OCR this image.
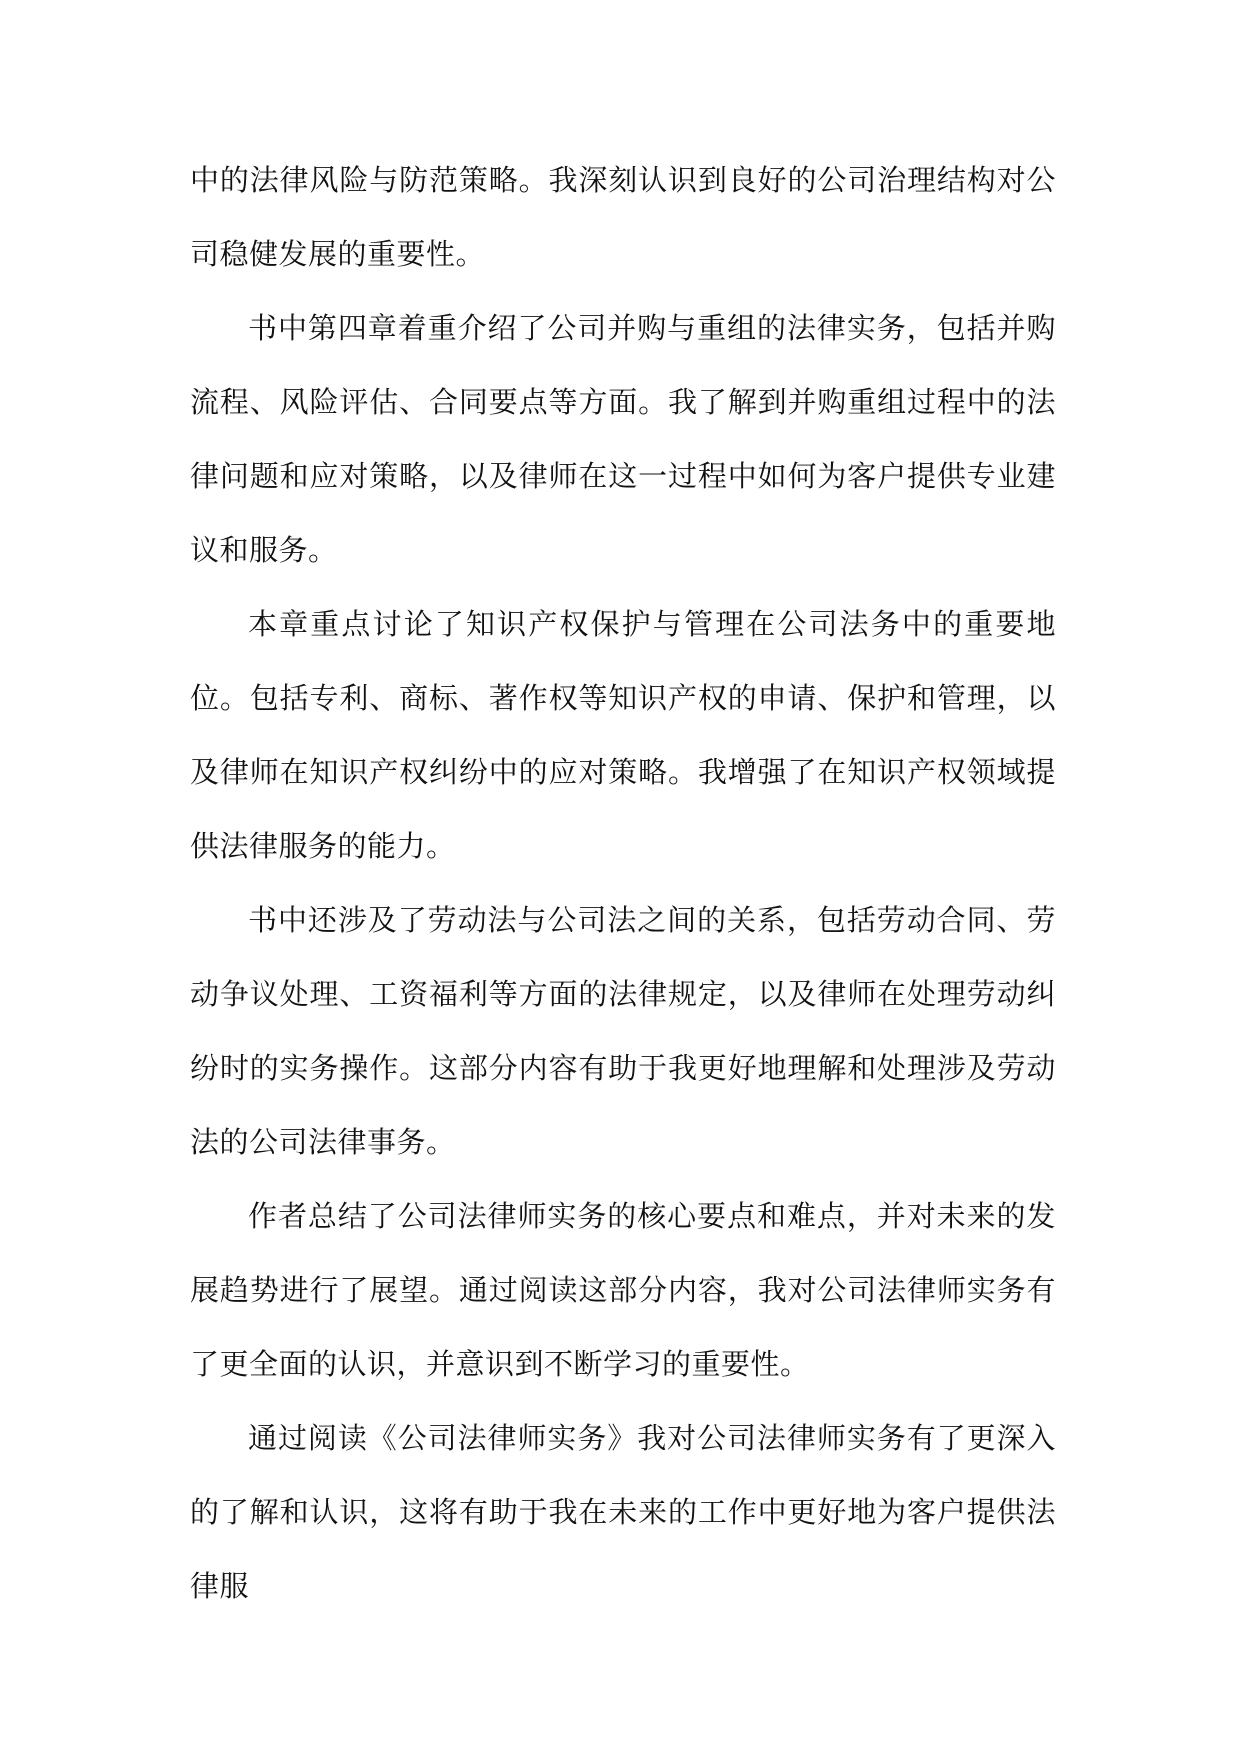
中的法律风险与防范策略。我深刻认识到良好的公司治理结构对公司稳健发展的重要性。

书中第四章着重介绍了公司并购与重组的法律实务，包括并购流程、风险评估、合同要点等方面。我了解到并购重组过程中的法律问题和应对策略，以及律师在这一过程中如何为客户提供专业建议和服务。

本章重点讨论了知识产权保护与管理在公司法务中的重要地位。包括专利、商标、著作权等知识产权的申请、保护和管理，以及律师在知识产权纠纷中的应对策略。我增强了在知识产权领域提供法律服务的能力。

书中还涉及了劳动法与公司法之间的关系，包括劳动合同、劳动争议处理、工资福利等方面的法律规定，以及律师在处理劳动纠纷时的实务操作。这部分内容有助于我更好地理解和处理涉及劳动法的公司法律事务。

作者总结了公司法律师实务的核心要点和难点，并对未来的发展趋势进行了展望。通过阅读这部分内容，我对公司法律师实务有了更全面的认识，并意识到不断学习的重要性。

通过阅读《公司法律师实务》我对公司法律师实务有了更深入的了解和认识，这将有助于我在未来的工作中更好地为客户提供法律服
